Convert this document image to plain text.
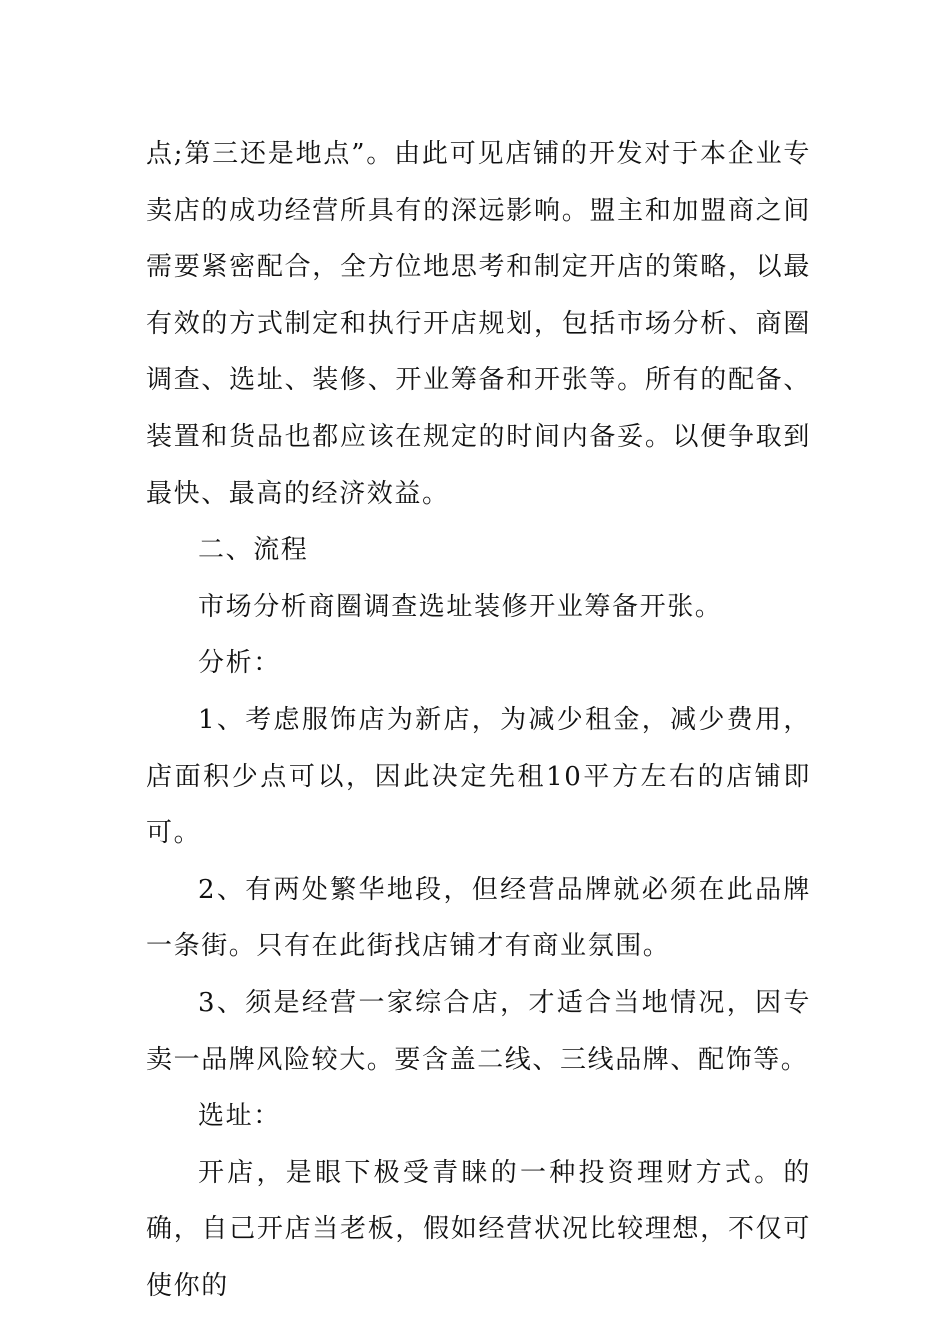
点;第三还是地点”。由此可见店铺的开发对于本企业专卖店的成功经营所具有的深远影响。盟主和加盟商之间需要紧密配合，全方位地思考和制定开店的策略，以最有效的方式制定和执行开店规划，包括市场分析、商圈调查、选址、装修、开业筹备和开张等。所有的配备、装置和货品也都应该在规定的时间内备妥。以便争取到最快、最高的经济效益。

二、流程

市场分析商圈调查选址装修开业筹备开张。

分析：

1、考虑服饰店为新店，为减少租金，减少费用，店面积少点可以，因此决定先租10平方左右的店铺即可。

2、有两处繁华地段，但经营品牌就必须在此品牌一条街。只有在此街找店铺才有商业氛围。

3、须是经营一家综合店，才适合当地情况，因专卖一品牌风险较大。要含盖二线、三线品牌、配饰等。

选址：

开店，是眼下极受青睐的一种投资理财方式。的确，自己开店当老板，假如经营状况比较理想，不仅可使你的
